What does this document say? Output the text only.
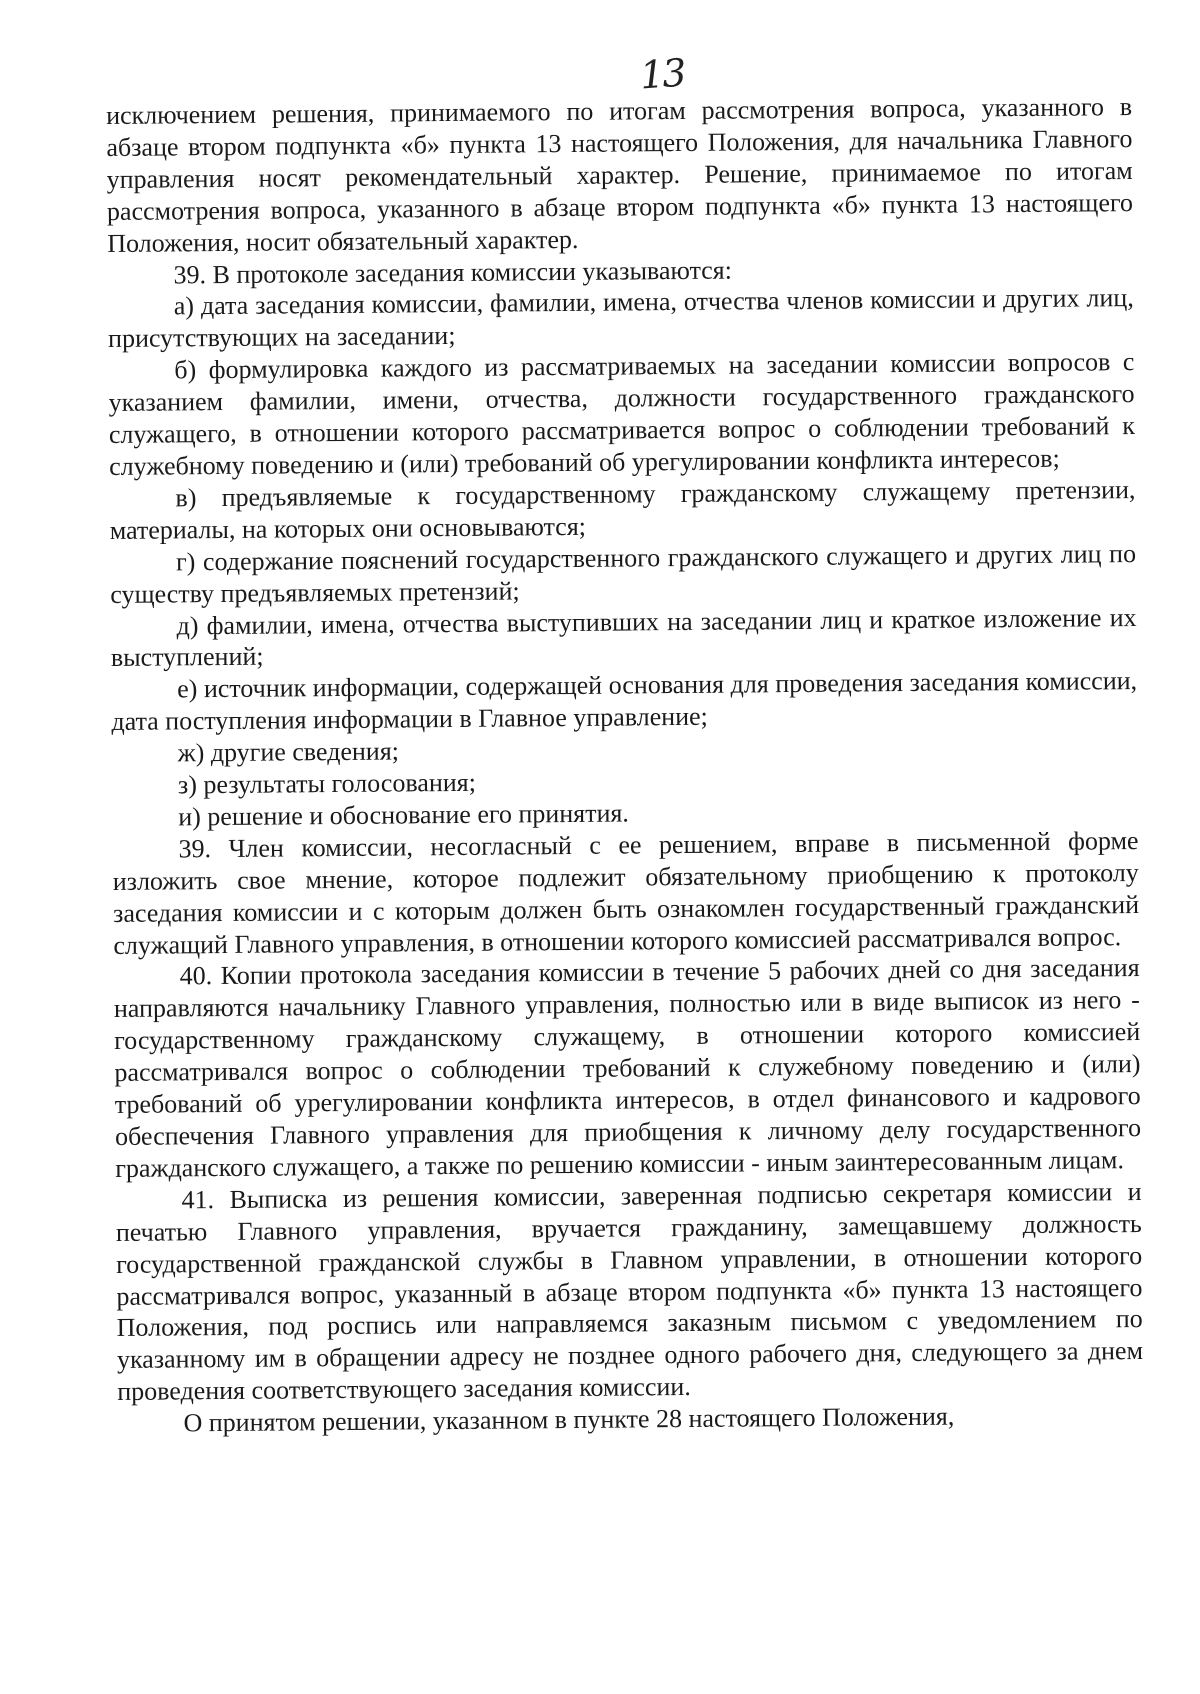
13

исключением решения, принимаемого по итогам рассмотрения вопроса, указанного в абзаце втором подпункта «б» пункта 13 настоящего Положения, для начальника Главного управления носят рекомендательный характер. Решение, принимаемое по итогам рассмотрения вопроса, указанного в абзаце втором подпункта «б» пункта 13 настоящего Положения, носит обязательный характер.

39. В протоколе заседания комиссии указываются:

а) дата заседания комиссии, фамилии, имена, отчества членов комиссии и других лиц, присутствующих на заседании;

б) формулировка каждого из рассматриваемых на заседании комиссии вопросов с указанием фамилии, имени, отчества, должности государственного гражданского служащего, в отношении которого рассматривается вопрос о соблюдении требований к служебному поведению и (или) требований об урегулировании конфликта интересов;

в) предъявляемые к государственному гражданскому служащему претензии, материалы, на которых они основываются;

г) содержание пояснений государственного гражданского служащего и других лиц по существу предъявляемых претензий;

д) фамилии, имена, отчества выступивших на заседании лиц и краткое изложение их выступлений;

е) источник информации, содержащей основания для проведения заседания комиссии, дата поступления информации в Главное управление;

ж) другие сведения;

з) результаты голосования;

и) решение и обоснование его принятия.

39. Член комиссии, несогласный с ее решением, вправе в письменной форме изложить свое мнение, которое подлежит обязательному приобщению к протоколу заседания комиссии и с которым должен быть ознакомлен государственный гражданский служащий Главного управления, в отношении которого комиссией рассматривался вопрос.

40. Копии протокола заседания комиссии в течение 5 рабочих дней со дня заседания направляются начальнику Главного управления, полностью или в виде выписок из него - государственному гражданскому служащему, в отношении которого комиссией рассматривался вопрос о соблюдении требований к служебному поведению и (или) требований об урегулировании конфликта интересов, в отдел финансового и кадрового обеспечения Главного управления для приобщения к личному делу государственного гражданского служащего, а также по решению комиссии - иным заинтересованным лицам.

41. Выписка из решения комиссии, заверенная подписью секретаря комиссии и печатью Главного управления, вручается гражданину, замещавшему должность государственной гражданской службы в Главном управлении, в отношении которого рассматривался вопрос, указанный в абзаце втором подпункта «б» пункта 13 настоящего Положения, под роспись или направляемся заказным письмом с уведомлением по указанному им в обращении адресу не позднее одного рабочего дня, следующего за днем проведения соответствующего заседания комиссии.

О принятом решении, указанном в пункте 28 настоящего Положения,
